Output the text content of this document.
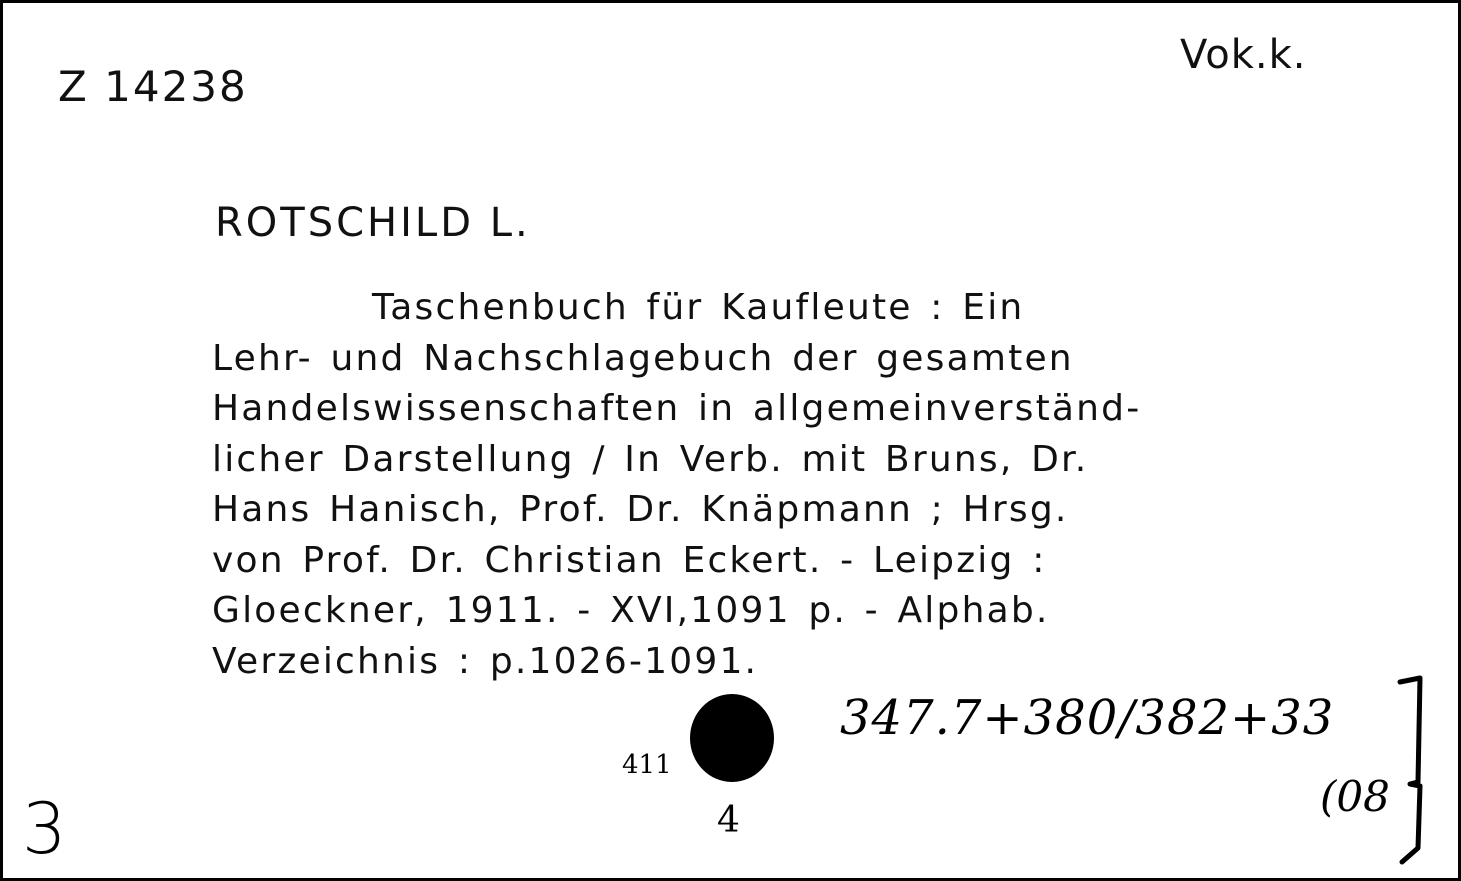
Z 14238
Vok.k.
ROTSCHILD L.
Taschenbuch für Kaufleute : Ein
Lehr- und Nachschlagebuch der gesamten
Handelswissenschaften in allgemeinverständ-
licher Darstellung / In Verb. mit Bruns, Dr.
Hans Hanisch, Prof. Dr. Knäpmann ; Hrsg.
von Prof. Dr. Christian Eckert. - Leipzig :
Gloeckner, 1911. - XVI,1091 p. - Alphab.
Verzeichnis : p.1026-1091.
347.7+380/382+33
(08
3	4
411
